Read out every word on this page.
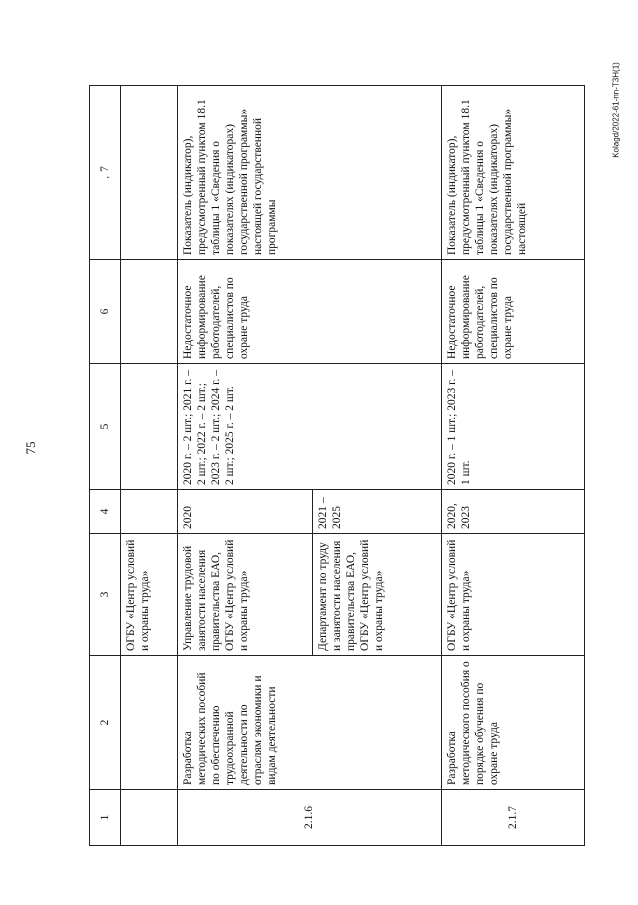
75
Kolagd/2022-61-nn-T3H(1)
1	2	3	4	5	6	‚7
		ОГБУ «Центр условий и охраны труда»				
2.1.6	Разработка методических пособий по обеспечению трудоохранной деятельности по отраслям экономики и видам деятельности	Управление трудовой занятости населения правительства ЕАО, ОГБУ «Центр условий и охраны труда»	2020	2020 г. – 2 шт.; 2021 г. – 2 шт.; 2022 г. – 2 шт.; 2023 г. – 2 шт.; 2024 г. – 2 шт.; 2025 г. – 2 шт.	Недостаточное информирование работодателей, специалистов по охране труда	Показатель (индикатор), предусмотренный пунктом 18.1 таблицы 1 «Сведения о показателях (индикаторах) государственной программы» настоящей государственной программы
		Департамент по труду и занятости населения правительства ЕАО, ОГБУ «Центр условий и охраны труда»	2021 – 2025			
2.1.7	Разработка методического пособия о порядке обучения по охране труда	ОГБУ «Центр условий и охраны труда»	2020, 2023	2020 г. – 1 шт.; 2023 г. – 1 шт.	Недостаточное информирование работодателей, специалистов по охране труда	Показатель (индикатор), предусмотренный пунктом 18.1 таблицы 1 «Сведения о показателях (индикаторах) государственной программы» настоящей
